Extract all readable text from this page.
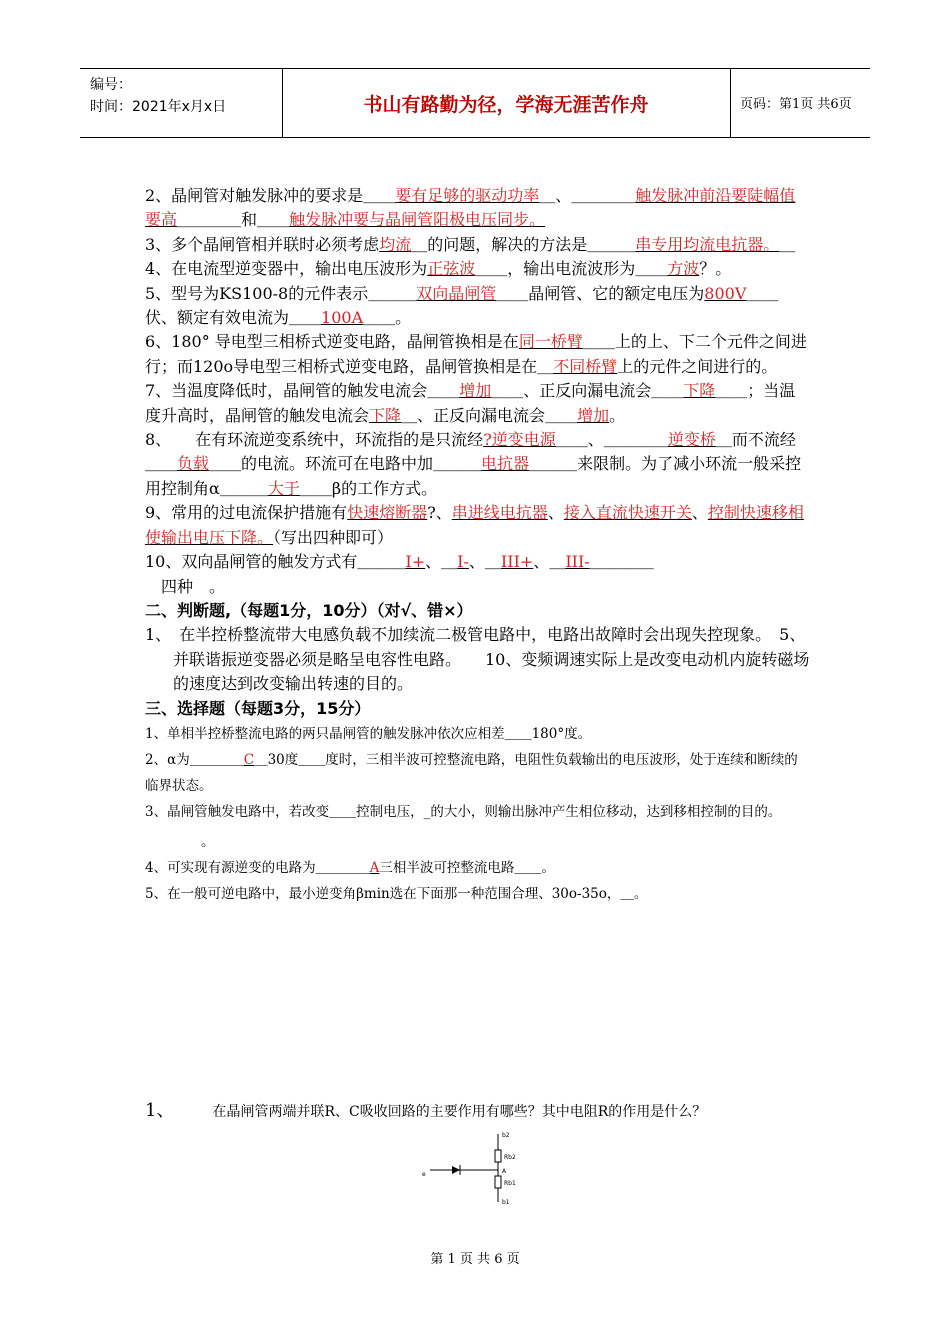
编号：
时间：2021年x月x日	书山有路勤为径，学海无涯苦作舟	页码：第1页 共6页

2、晶闸管对触发脉冲的要求是＿＿要有足够的驱动功率＿、＿＿＿＿触发脉冲前沿要陡幅值要高＿＿＿＿和＿＿触发脉冲要与晶闸管阳极电压同步。

3、多个晶闸管相并联时必须考虑均流＿的问题，解决的方法是＿＿＿串专用均流电抗器。＿

4、在电流型逆变器中，输出电压波形为正弦波＿＿，输出电流波形为＿＿方波？。

5、型号为KS100-8的元件表示＿＿＿双向晶闸管＿＿晶闸管、它的额定电压为800V＿＿伏、额定有效电流为＿＿100A＿＿。

6、180° 导电型三相桥式逆变电路，晶闸管换相是在同一桥臂＿＿上的上、下二个元件之间进行；而120o导电型三相桥式逆变电路，晶闸管换相是在＿不同桥臂上的元件之间进行的。

7、当温度降低时，晶闸管的触发电流会＿＿增加＿＿、正反向漏电流会＿＿下降＿＿；当温度升高时，晶闸管的触发电流会下降＿、正反向漏电流会＿＿增加。

8、　　在有环流逆变系统中，环流指的是只流经?逆变电源＿＿、＿＿＿＿逆变桥＿而不流经＿＿负载＿＿的电流。环流可在电路中加＿＿＿电抗器＿＿＿来限制。为了减小环流一般采控用控制角α＿＿＿大于＿＿β的工作方式。

9、常用的过电流保护措施有快速熔断器?、串进线电抗器、接入直流快速开关、控制快速移相使输出电压下降。（写出四种即可）

10、双向晶闸管的触发方式有＿＿＿I+、＿I-、＿III+、＿III-＿＿＿＿
四种　。

二、判断题,（每题1分，10分）（对√、错×）

1、　在半控桥整流带大电感负载不加续流二极管电路中，电路出故障时会出现失控现象。　5、　并联谐振逆变器必须是略呈电容性电路。　　10、变频调速实际上是改变电动机内旋转磁场的速度达到改变输出转速的目的。

三、选择题（每题3分，15分）

1、单相半控桥整流电路的两只晶闸管的触发脉冲依次应相差＿＿180°度。

2、α为＿＿＿＿C＿30度＿＿度时，三相半波可控整流电路，电阻性负载输出的电压波形，处于连续和断续的临界状态。

3、晶闸管触发电路中，若改变＿＿控制电压，_的大小，则输出脉冲产生相位移动，达到移相控制的目的。

。

4、可实现有源逆变的电路为＿＿＿＿A三相半波可控整流电路＿＿。

5、在一般可逆电路中，最小逆变角βmin选在下面那一种范围合理、30o-35o，＿。

1、	在晶闸管两端并联R、C吸收回路的主要作用有哪些？其中电阻R的作用是什么？
b2
Rb2
A
Rb1
b1
e
第 1 页 共 6 页
